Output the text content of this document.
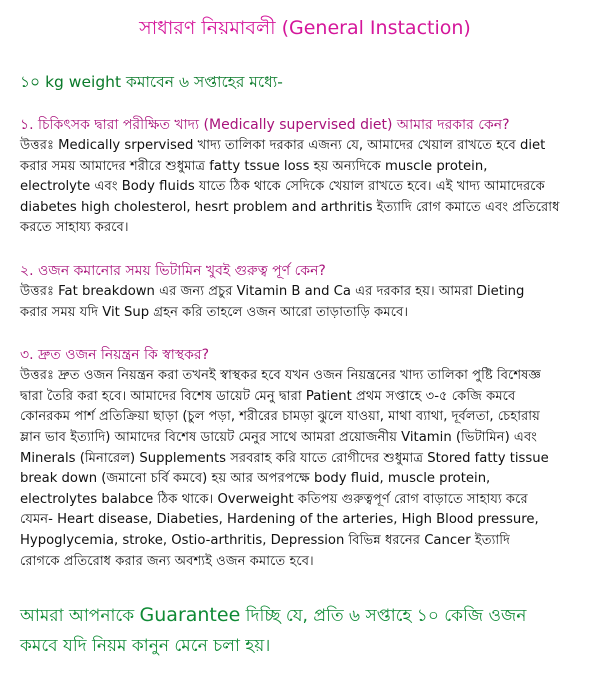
সাধারণ নিয়মাবলী (General Instaction)
১০ kg weight কমাবেন ৬ সপ্তাহের মধ্যে-
১. চিকিৎসক দ্বারা পরীক্ষিত খাদ্য (Medically supervised diet) আমার দরকার কেন?

উত্তরঃ Medically srpervised খাদ্য তালিকা দরকার এজন্য যে, আমাদের খেয়াল রাখতে হবে diet

করার সময় আমাদের শরীরে শুধুমাত্র fatty tssue loss হয় অন্যদিকে muscle protein,

electrolyte এবং Body fluids যাতে ঠিক থাকে সেদিকে খেয়াল রাখতে হবে। এই খাদ্য আমাদেরকে

diabetes high cholesterol, hesrt problem and arthritis ইত্যাদি রোগ কমাতে এবং প্রতিরোধ

করতে সাহায্য করবে।

২. ওজন কমানোর সময় ভিটামিন খুবই গুরুত্ব পূর্ণ কেন?

উত্তরঃ Fat breakdown এর জন্য প্রচুর Vitamin B and Ca এর দরকার হয়। আমরা Dieting

করার সময় যদি Vit Sup গ্রহন করি তাহলে ওজন আরো তাড়াতাড়ি কমবে।

৩. দ্রুত ওজন নিয়ন্ত্রন কি স্বাস্থকর?

উত্তরঃ দ্রুত ওজন নিয়ন্ত্রন করা তখনই স্বাস্থকর হবে যখন ওজন নিয়ন্ত্রনের খাদ্য তালিকা পুষ্টি বিশেষজ্ঞ

দ্বারা তৈরি করা হবে। আমাদের বিশেষ ডায়েট মেনু দ্বারা Patient প্রথম সপ্তাহে ৩-৫ কেজি কমবে

কোনরকম পার্শ প্রতিক্রিয়া ছাড়া (চুল পড়া, শরীরের চামড়া ঝুলে যাওয়া, মাথা ব্যাথা, দূর্বলতা, চেহারায়

ম্লান ভাব ইত্যাদি) আমাদের বিশেষ ডায়েট মেনুর সাথে আমরা প্রয়োজনীয় Vitamin (ভিটামিন) এবং

Minerals (মিনারেল) Supplements সরবরাহ করি যাতে রোগীদের শুধুমাত্র Stored fatty tissue

break down (জমানো চর্বি কমবে) হয় আর অপরপক্ষে body fluid, muscle protein,

electrolytes balabce ঠিক থাকে। Overweight কতিপয় গুরুত্বপূর্ণ রোগ বাড়াতে সাহায্য করে

যেমন- Heart disease, Diabeties, Hardening of the arteries, High Blood pressure,

Hypoglycemia, stroke, Ostio-arthritis, Depression বিভিন্ন ধরনের Cancer ইত্যাদি

রোগকে প্রতিরোধ করার জন্য অবশ্যই ওজন কমাতে হবে।

আমরা আপনাকে Guarantee দিচ্ছি যে, প্রতি ৬ সপ্তাহে ১০ কেজি ওজন
কমবে যদি নিয়ম কানুন মেনে চলা হয়।
